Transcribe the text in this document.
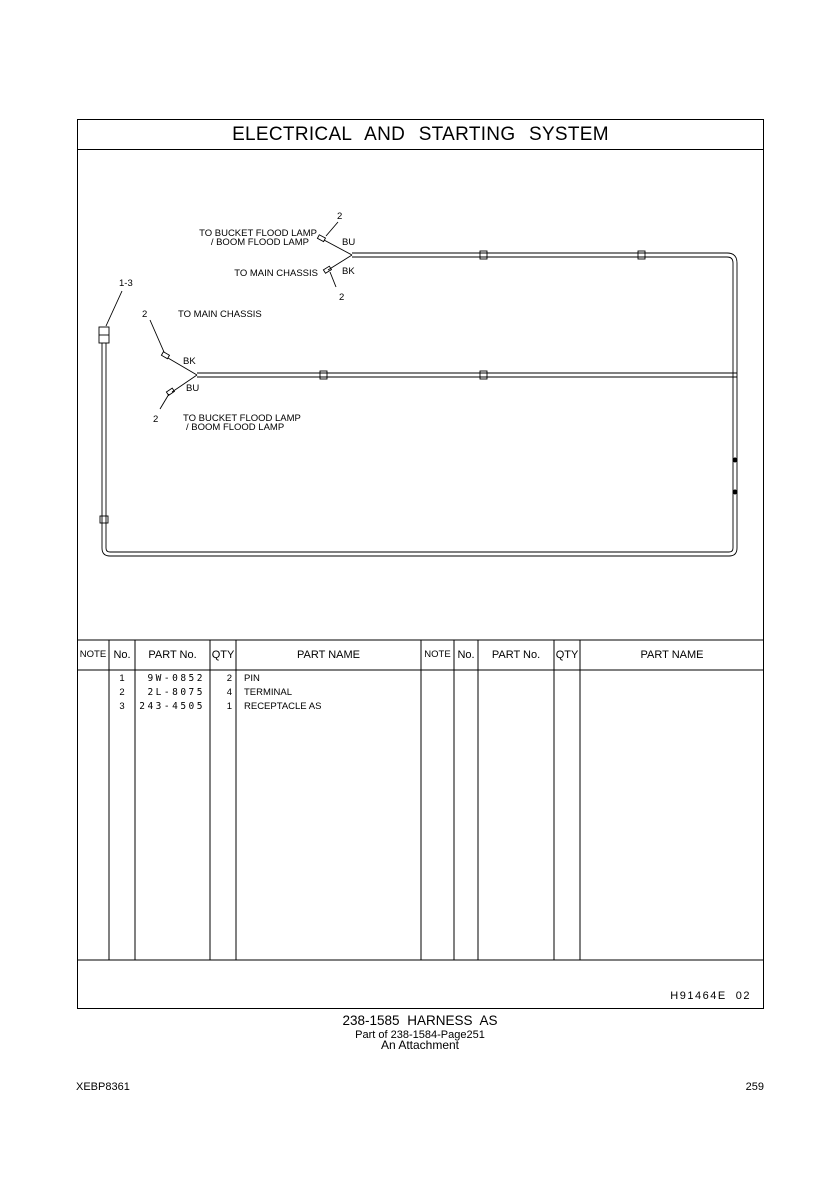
ELECTRICAL AND STARTING SYSTEM
2
TO BUCKET FLOOD LAMP
/ BOOM FLOOD LAMP	BU
BK
TO MAIN CHASSIS
2
1-3
2	TO MAIN CHASSIS
BK
BU
2	TO BUCKET FLOOD LAMP
/ BOOM FLOOD LAMP
NOTE No.	PART No.	QTY	PART NAME	NOTE No.	PART No.	QTY	PART NAME
1	9W-0852	2 PIN
2	2L-8075	4 TERMINAL
3	243-4505	1 RECEPTACLE AS
H91464E  02
238-1585 HARNESS AS
Part of 238-1584-Page251
An Attachment
XEBP8361	259
